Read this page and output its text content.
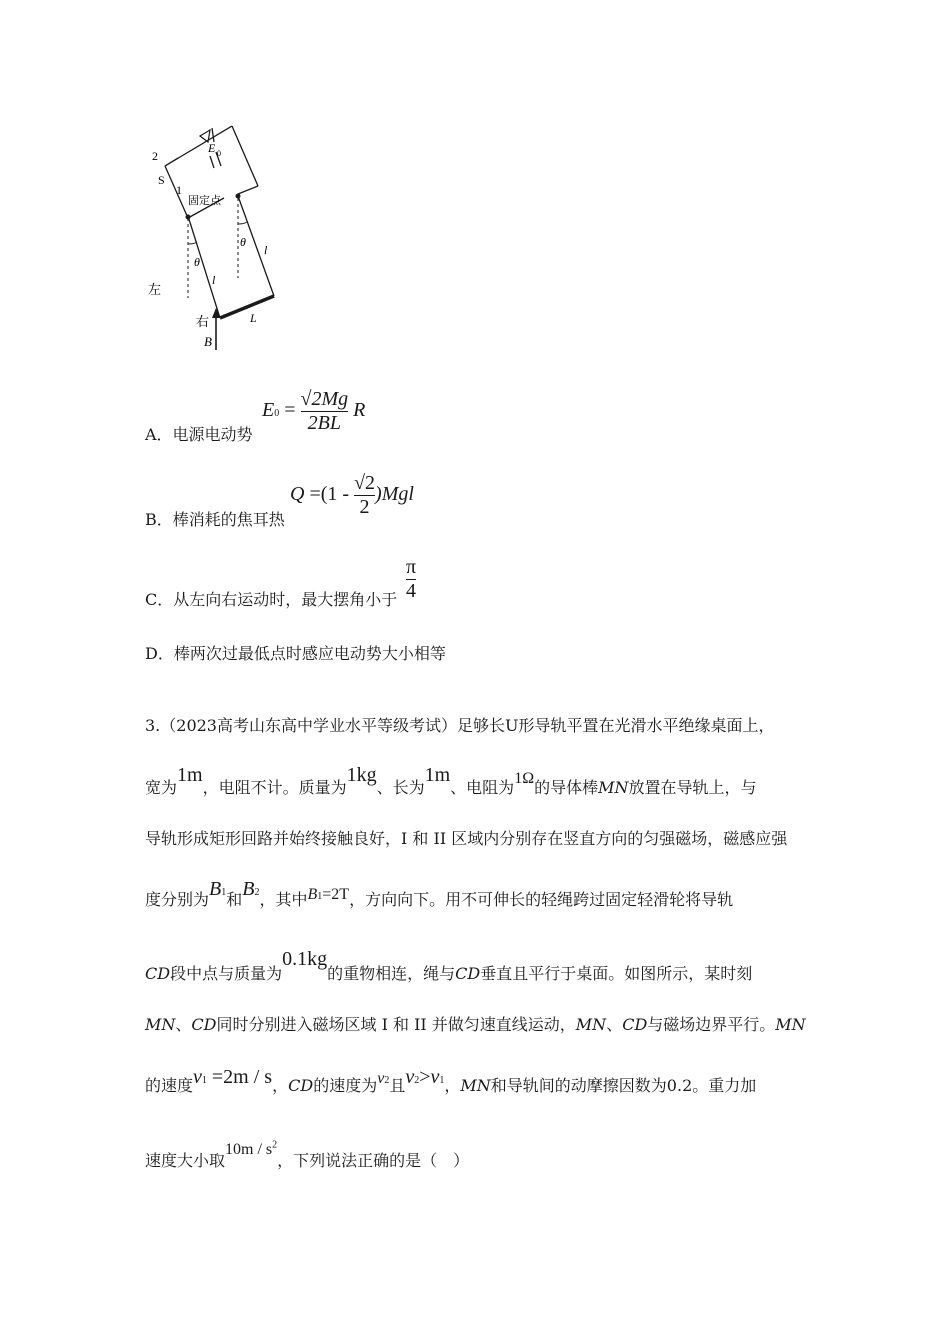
2
S
1
E 0
固定点
θ
θ
l
l
L
左
右
B
A．电源电动势
$E0 = \frac{√2Mg}{2BL}$ R
B．棒消耗的焦耳热
$Q =(1 - \frac{√2}{2} )Mgl$
C．从左向右运动时，最大摆角小于 $\frac{\pi}{4}$
D．棒两次过最低点时感应电动势大小相等
3.（2023高考山东高中学业水平等级考试）足够长U形导轨平置在光滑水平绝缘桌面上，
宽为1m，电阻不计。质量为1kg、长为1m、电阻为1Ω的导体棒MN放置在导轨上，与
导轨形成矩形回路并始终接触良好，I 和 II 区域内分别存在竖直方向的匀强磁场，磁感应强
度分别为B1和B2，其中B1=2T，方向向下。用不可伸长的轻绳跨过固定轻滑轮将导轨
CD段中点与质量为0.1kg的重物相连，绳与CD垂直且平行于桌面。如图所示，某时刻
MN、CD同时分别进入磁场区域 I 和 II 并做匀速直线运动，MN、CD与磁场边界平行。MN
的速度v1 =2m / s，CD的速度为v2且v2>v1，MN和导轨间的动摩擦因数为0.2。重力加
速度大小取$10m / s^2$，下列说法正确的是（　）
